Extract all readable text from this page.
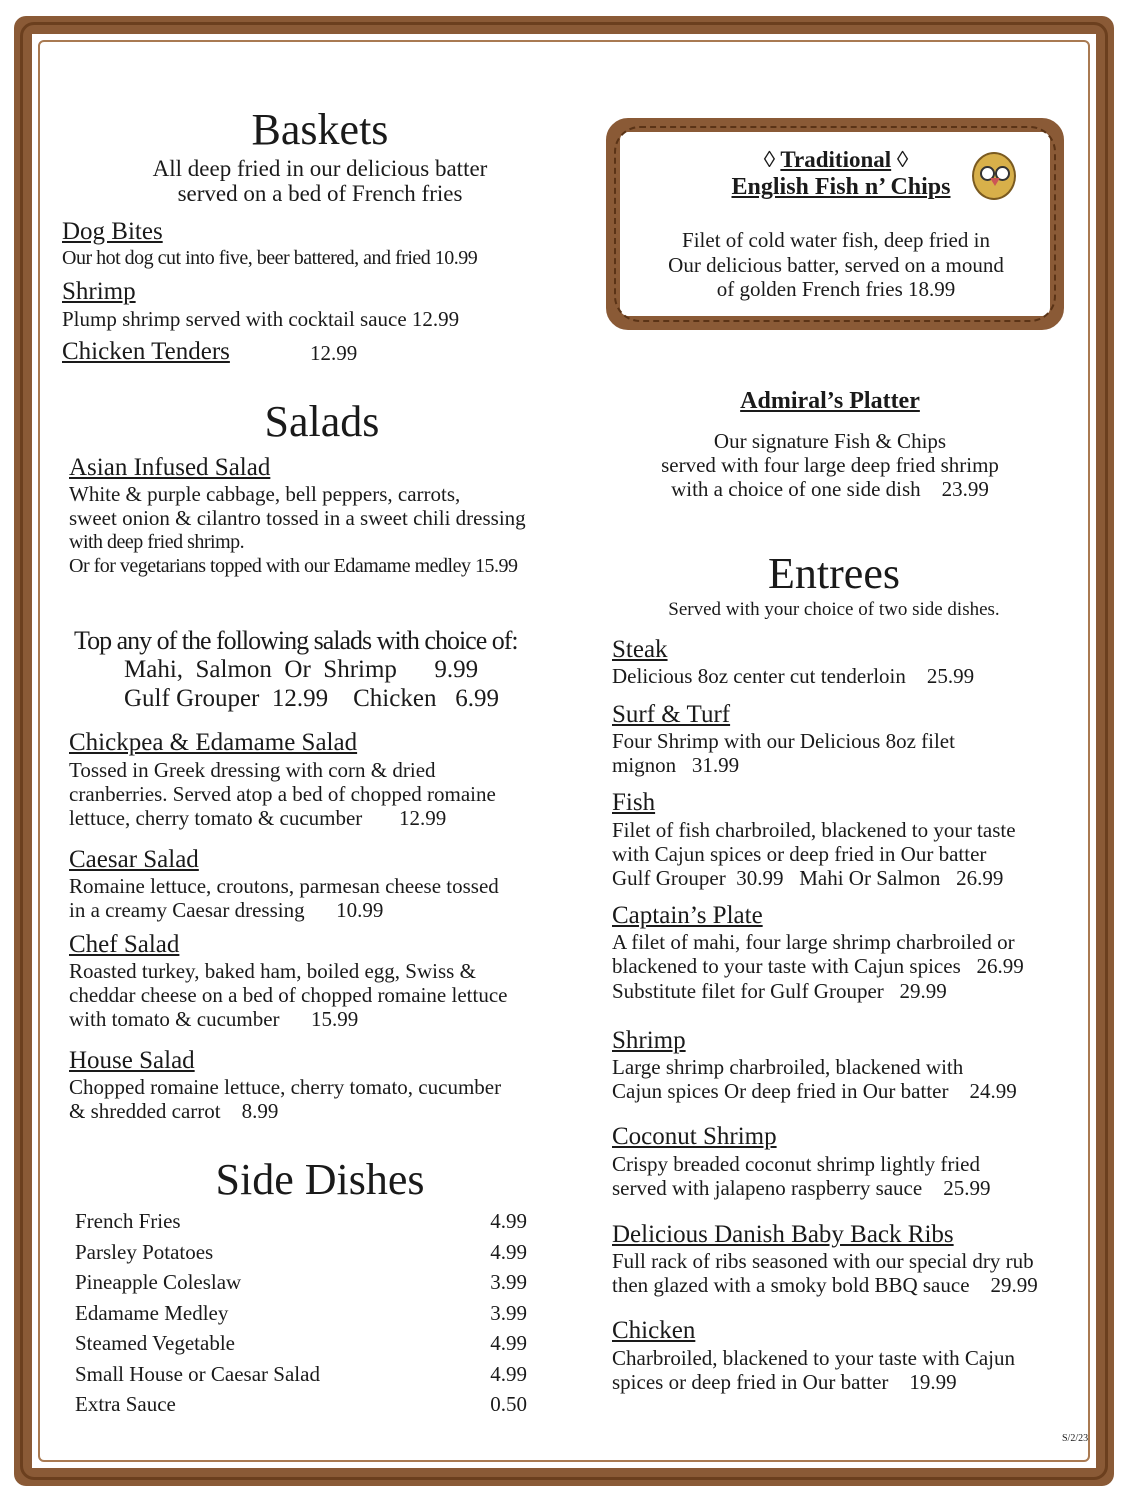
Baskets
All deep fried in our delicious batter
served on a bed of French fries
Dog Bites
Our hot dog cut into five, beer battered, and fried 10.99
Shrimp
Plump shrimp served with cocktail sauce 12.99
Chicken Tenders	12.99
Salads
Asian Infused Salad
White & purple cabbage, bell peppers, carrots,
sweet onion & cilantro tossed in a sweet chili dressing
with deep fried shrimp.
Or for vegetarians topped with our Edamame medley 15.99
Top any of the following salads with choice of:
Mahi,  Salmon  Or  Shrimp      9.99
Gulf Grouper  12.99    Chicken   6.99
Chickpea & Edamame Salad
Tossed in Greek dressing with corn & dried
cranberries. Served atop a bed of chopped romaine
lettuce, cherry tomato & cucumber       12.99
Caesar Salad
Romaine lettuce, croutons, parmesan cheese tossed
in a creamy Caesar dressing      10.99
Chef Salad
Roasted turkey, baked ham, boiled egg, Swiss &
cheddar cheese on a bed of chopped romaine lettuce
with tomato & cucumber      15.99
House Salad
Chopped romaine lettuce, cherry tomato, cucumber
& shredded carrot    8.99
Side Dishes
French Fries	4.99
Parsley Potatoes	4.99
Pineapple Coleslaw	3.99
Edamame Medley	3.99
Steamed Vegetable	4.99
Small House or Caesar Salad	4.99
Extra Sauce	0.50
◊ Traditional ◊
English Fish n’ Chips
Filet of cold water fish, deep fried in
Our delicious batter, served on a mound
of golden French fries 18.99
Admiral’s Platter
Our signature Fish & Chips
served with four large deep fried shrimp
with a choice of one side dish    23.99
Entrees
Served with your choice of two side dishes.
Steak
Delicious 8oz center cut tenderloin    25.99
Surf & Turf
Four Shrimp with our Delicious 8oz filet
mignon   31.99
Fish
Filet of fish charbroiled, blackened to your taste
with Cajun spices or deep fried in Our batter
Gulf Grouper  30.99   Mahi Or Salmon   26.99
Captain’s Plate
A filet of mahi, four large shrimp charbroiled or
blackened to your taste with Cajun spices   26.99
Substitute filet for Gulf Grouper   29.99
Shrimp
Large shrimp charbroiled, blackened with
Cajun spices Or deep fried in Our batter    24.99
Coconut Shrimp
Crispy breaded coconut shrimp lightly fried
served with jalapeno raspberry sauce    25.99
Delicious Danish Baby Back Ribs
Full rack of ribs seasoned with our special dry rub
then glazed with a smoky bold BBQ sauce    29.99
Chicken
Charbroiled, blackened to your taste with Cajun
spices or deep fried in Our batter    19.99
S/2/23
